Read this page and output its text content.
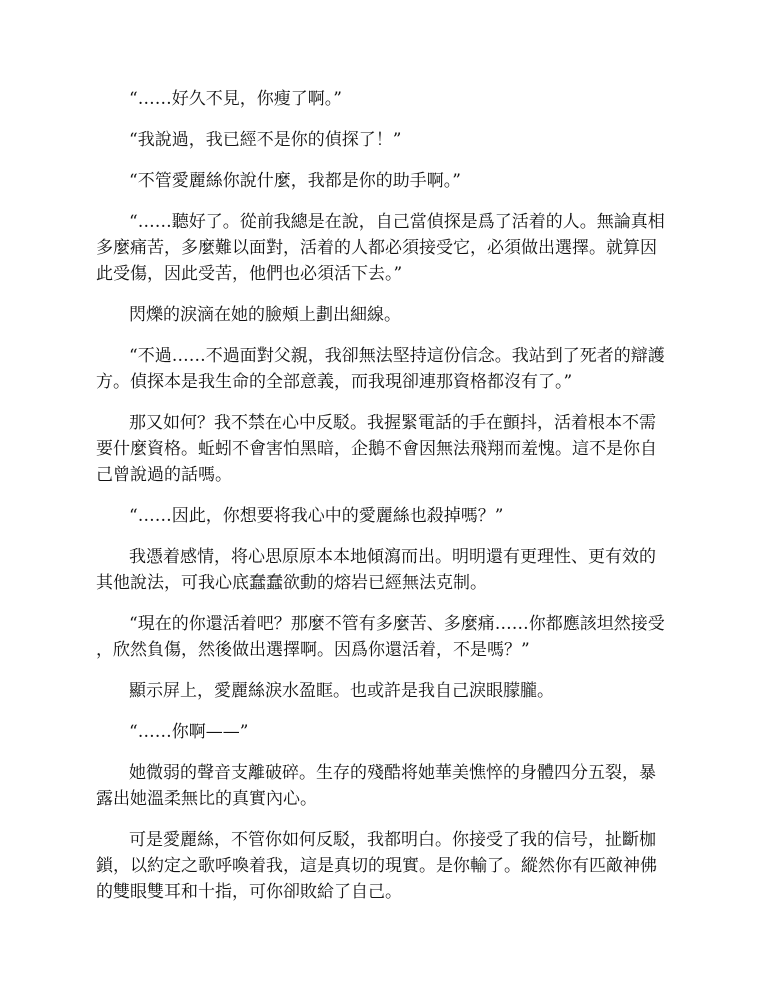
“……好久不見，你瘦了啊。”

“我說過，我已經不是你的偵探了！”

“不管愛麗絲你說什麼，我都是你的助手啊。”

“……聽好了。從前我總是在說，自己當偵探是爲了活着的人。無論真相多麼痛苦，多麼難以面對，活着的人都必須接受它，必須做出選擇。就算因此受傷，因此受苦，他們也必須活下去。”

閃爍的淚滴在她的臉頰上劃出細線。

“不過……不過面對父親，我卻無法堅持這份信念。我站到了死者的辯護方。偵探本是我生命的全部意義，而我現卻連那資格都沒有了。”

那又如何？我不禁在心中反駁。我握緊電話的手在顫抖，活着根本不需要什麼資格。蚯蚓不會害怕黑暗，企鵝不會因無法飛翔而羞愧。這不是你自己曾說過的話嗎。

“……因此，你想要将我心中的愛麗絲也殺掉嗎？”

我憑着感情，将心思原原本本地傾瀉而出。明明還有更理性、更有效的其他說法，可我心底蠢蠢欲動的熔岩已經無法克制。

“現在的你還活着吧？那麼不管有多麼苦、多麼痛……你都應該坦然接受，欣然負傷，然後做出選擇啊。因爲你還活着，不是嗎？”

顯示屏上，愛麗絲淚水盈眶。也或許是我自己淚眼朦朧。

“……你啊——”

她微弱的聲音支離破碎。生存的殘酷将她華美憔悴的身體四分五裂，暴露出她溫柔無比的真實內心。

可是愛麗絲，不管你如何反駁，我都明白。你接受了我的信号，扯斷枷鎖，以約定之歌呼喚着我，這是真切的現實。是你輸了。縱然你有匹敵神佛的雙眼雙耳和十指，可你卻敗給了自己。
